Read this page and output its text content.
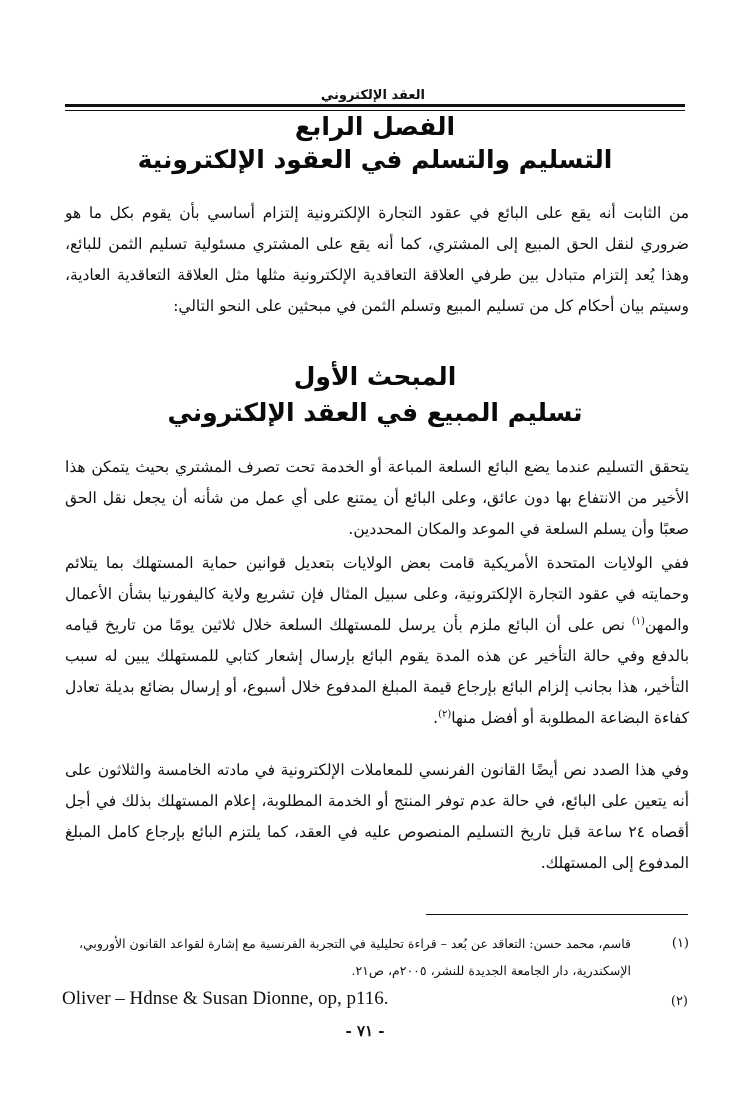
العقد الإلكتروني
الفصل الرابع
التسليم والتسلم في العقود الإلكترونية
من الثابت أنه يقع على البائع في عقود التجارة الإلكترونية إلتزام أساسي بأن يقوم بكل ما هو ضروري لنقل الحق المبيع إلى المشتري، كما أنه يقع على المشتري مسئولية تسليم الثمن للبائع، وهذا يُعد إلتزام متبادل بين طرفي العلاقة التعاقدية الإلكترونية مثلها مثل العلاقة التعاقدية العادية، وسيتم بيان أحكام كل من تسليم المبيع وتسلم الثمن في مبحثين على النحو التالي:
المبحث الأول
تسليم المبيع في العقد الإلكتروني
يتحقق التسليم عندما يضع البائع السلعة المباعة أو الخدمة تحت تصرف المشتري بحيث يتمكن هذا الأخير من الانتفاع بها دون عائق، وعلى البائع أن يمتنع على أي عمل من شأنه أن يجعل نقل الحق صعبًا وأن يسلم السلعة في الموعد والمكان المحددين.
ففي الولايات المتحدة الأمريكية قامت بعض الولايات بتعديل قوانين حماية المستهلك بما يتلائم وحمايته في عقود التجارة الإلكترونية، وعلى سبيل المثال فإن تشريع ولاية كاليفورنيا بشأن الأعمال والمهن$^{(١)}$ نص على أن البائع ملزم بأن يرسل للمستهلك السلعة خلال ثلاثين يومًا من تاريخ قيامه بالدفع وفي حالة التأخير عن هذه المدة يقوم البائع بإرسال إشعار كتابي للمستهلك يبين له سبب التأخير، هذا بجانب إلزام البائع بإرجاع قيمة المبلغ المدفوع خلال أسبوع، أو إرسال بضائع بديلة تعادل كفاءة البضاعة المطلوبة أو أفضل منها$^{(٢)}$.
وفي هذا الصدد نص أيضًا القانون الفرنسي للمعاملات الإلكترونية في مادته الخامسة والثلاثون على أنه يتعين على البائع، في حالة عدم توفر المنتج أو الخدمة المطلوبة، إعلام المستهلك بذلك في أجل أقصاه ٢٤ ساعة قبل تاريخ التسليم المنصوص عليه في العقد، كما يلتزم البائع بإرجاع كامل المبلغ المدفوع إلى المستهلك.
(١)
قاسم، محمد حسن: التعاقد عن بُعد – قراءة تحليلية في التجربة الفرنسية مع إشارة لقواعد القانون الأوروبي، الإسكندرية، دار الجامعة الجديدة للنشر، ٢٠٠٥م، ص٢١.
(٢)
Oliver – Hdnse & Susan Dionne, op, p116.
- ٧١ -
